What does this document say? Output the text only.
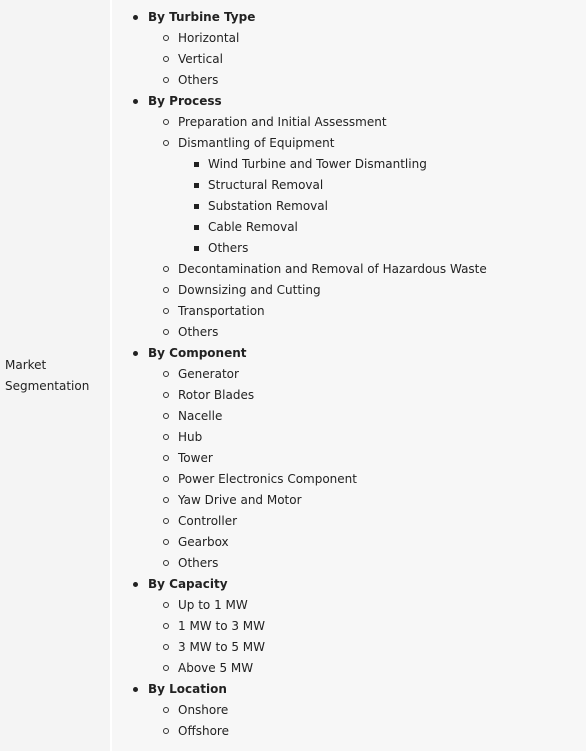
Market Segmentation
By Turbine Type
Horizontal
Vertical
Others
By Process
Preparation and Initial Assessment
Dismantling of Equipment
Wind Turbine and Tower Dismantling
Structural Removal
Substation Removal
Cable Removal
Others
Decontamination and Removal of Hazardous Waste
Downsizing and Cutting
Transportation
Others
By Component
Generator
Rotor Blades
Nacelle
Hub
Tower
Power Electronics Component
Yaw Drive and Motor
Controller
Gearbox
Others
By Capacity
Up to 1 MW
1 MW to 3 MW
3 MW to 5 MW
Above 5 MW
By Location
Onshore
Offshore
